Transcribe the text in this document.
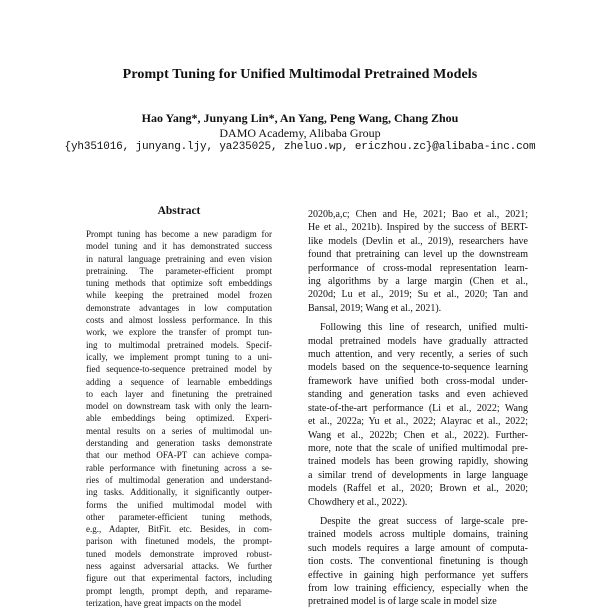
Prompt Tuning for Unified Multimodal Pretrained Models
Hao Yang*, Junyang Lin*, An Yang, Peng Wang, Chang Zhou
DAMO Academy, Alibaba Group
{yh351016, junyang.ljy, ya235025, zheluo.wp, ericzhou.zc}@alibaba-inc.com
Abstract
Prompt tuning has become a new paradigm for
model tuning and it has demonstrated success
in natural language pretraining and even vision
pretraining. The parameter-efficient prompt
tuning methods that optimize soft embeddings
while keeping the pretrained model frozen
demonstrate advantages in low computation
costs and almost lossless performance. In this
work, we explore the transfer of prompt tun-
ing to multimodal pretrained models. Specif-
ically, we implement prompt tuning to a uni-
fied sequence-to-sequence pretrained model by
adding a sequence of learnable embeddings
to each layer and finetuning the pretrained
model on downstream task with only the learn-
able embeddings being optimized. Experi-
mental results on a series of multimodal un-
derstanding and generation tasks demonstrate
that our method OFA-PT can achieve compa-
rable performance with finetuning across a se-
ries of multimodal generation and understand-
ing tasks. Additionally, it significantly outper-
forms the unified multimodal model with
other parameter-efficient tuning methods,
e.g., Adapter, BitFit. etc. Besides, in com-
parison with finetuned models, the prompt-
tuned models demonstrate improved robust-
ness against adversarial attacks. We further
figure out that experimental factors, including
prompt length, prompt depth, and reparame-
terization, have great impacts on the model
2020b,a,c; Chen and He, 2021; Bao et al., 2021;
He et al., 2021b). Inspired by the success of BERT-
like models (Devlin et al., 2019), researchers have
found that pretraining can level up the downstream
performance of cross-modal representation learn-
ing algorithms by a large margin (Chen et al.,
2020d; Lu et al., 2019; Su et al., 2020; Tan and
Bansal, 2019; Wang et al., 2021).
Following this line of research, unified multi-
modal pretrained models have gradually attracted
much attention, and very recently, a series of such
models based on the sequence-to-sequence learning
framework have unified both cross-modal under-
standing and generation tasks and even achieved
state-of-the-art performance (Li et al., 2022; Wang
et al., 2022a; Yu et al., 2022; Alayrac et al., 2022;
Wang et al., 2022b; Chen et al., 2022). Further-
more, note that the scale of unified multimodal pre-
trained models has been growing rapidly, showing
a similar trend of developments in large language
models (Raffel et al., 2020; Brown et al., 2020;
Chowdhery et al., 2022).
Despite the great success of large-scale pre-
trained models across multiple domains, training
such models requires a large amount of computa-
tion costs. The conventional finetuning is though
effective in gaining high performance yet suffers
from low training efficiency, especially when the
pretrained model is of large scale in model size
